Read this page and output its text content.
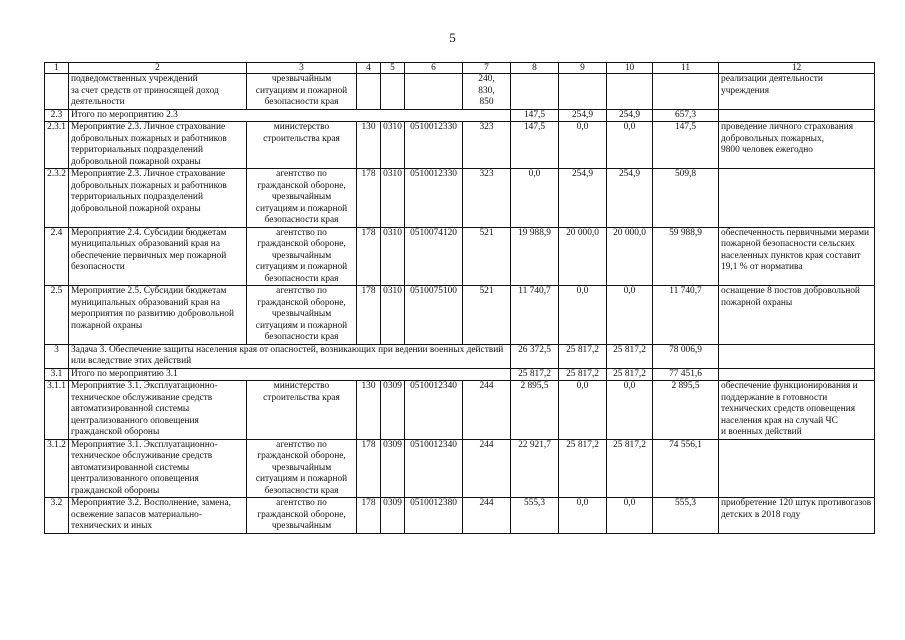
5
1	2	3	4	5	6	7	8	9	10	11	12
	подведомственных учреждений
за счет средств от приносящей доход деятельности	чрезвычайным
ситуациям и пожарной
безопасности края				240,
830,
850					реализации деятельности
учреждения
2.3	Итого по мероприятию 2.3						147,5	254,9	254,9	657,3	
2.3.1	Мероприятие 2.3. Личное страхование добровольных пожарных и работников территориальных подразделений добровольной пожарной охраны	министерство
строительства края	130	0310	0510012330	323	147,5	0,0	0,0	147,5	проведение личного страхования добровольных пожарных,
9800 человек ежегодно
2.3.2	Мероприятие 2.3. Личное страхование добровольных пожарных и работников территориальных подразделений добровольной пожарной охраны	агентство по
гражданской обороне,
чрезвычайным
ситуациям и пожарной
безопасности края	178	0310	0510012330	323	0,0	254,9	254,9	509,8	
2.4	Мероприятие 2.4. Субсидии бюджетам муниципальных образований края на обеспечение первичных мер пожарной безопасности	агентство по
гражданской обороне,
чрезвычайным
ситуациям и пожарной
безопасности края	178	0310	0510074120	521	19 988,9	20 000,0	20 000,0	59 988,9	обеспеченность первичными мерами пожарной безопасности сельских населенных пунктов края составит 19,1 % от норматива
2.5	Мероприятие 2.5. Субсидии бюджетам муниципальных образований края на мероприятия по развитию добровольной пожарной охраны	агентство по
гражданской обороне,
чрезвычайным
ситуациям и пожарной
безопасности края	178	0310	0510075100	521	11 740,7	0,0	0,0	11 740,7	оснащение 8 постов добровольной пожарной охраны
3	Задача 3. Обеспечение защиты населения края от опасностей, возникающих при ведении военных действий или вследствие этих действий						26 372,5	25 817,2	25 817,2	78 006,9	
3.1	Итого по мероприятию 3.1						25 817,2	25 817,2	25 817,2	77 451,6	
3.1.1	Мероприятие 3.1. Эксплуатационно-техническое обслуживание средств автоматизированной системы централизованного оповещения гражданской обороны	министерство
строительства края	130	0309	0510012340	244	2 895,5	0,0	0,0	2 895,5	обеспечение функционирования и поддержание в готовности технических средств оповещения населения края на случай ЧС
и военных действий
3.1.2	Мероприятие 3.1. Эксплуатационно-техническое обслуживание средств автоматизированной системы централизованного оповещения гражданской обороны	агентство по
гражданской обороне,
чрезвычайным
ситуациям и пожарной
безопасности края	178	0309	0510012340	244	22 921,7	25 817,2	25 817,2	74 556,1	
3.2	Мероприятие 3.2. Восполнение, замена, освежение запасов материально-технических и иных	агентство по
гражданской обороне,
чрезвычайным	178	0309	0510012380	244	555,3	0,0	0,0	555,3	приобретение 120 штук противогазов детских в 2018 году
